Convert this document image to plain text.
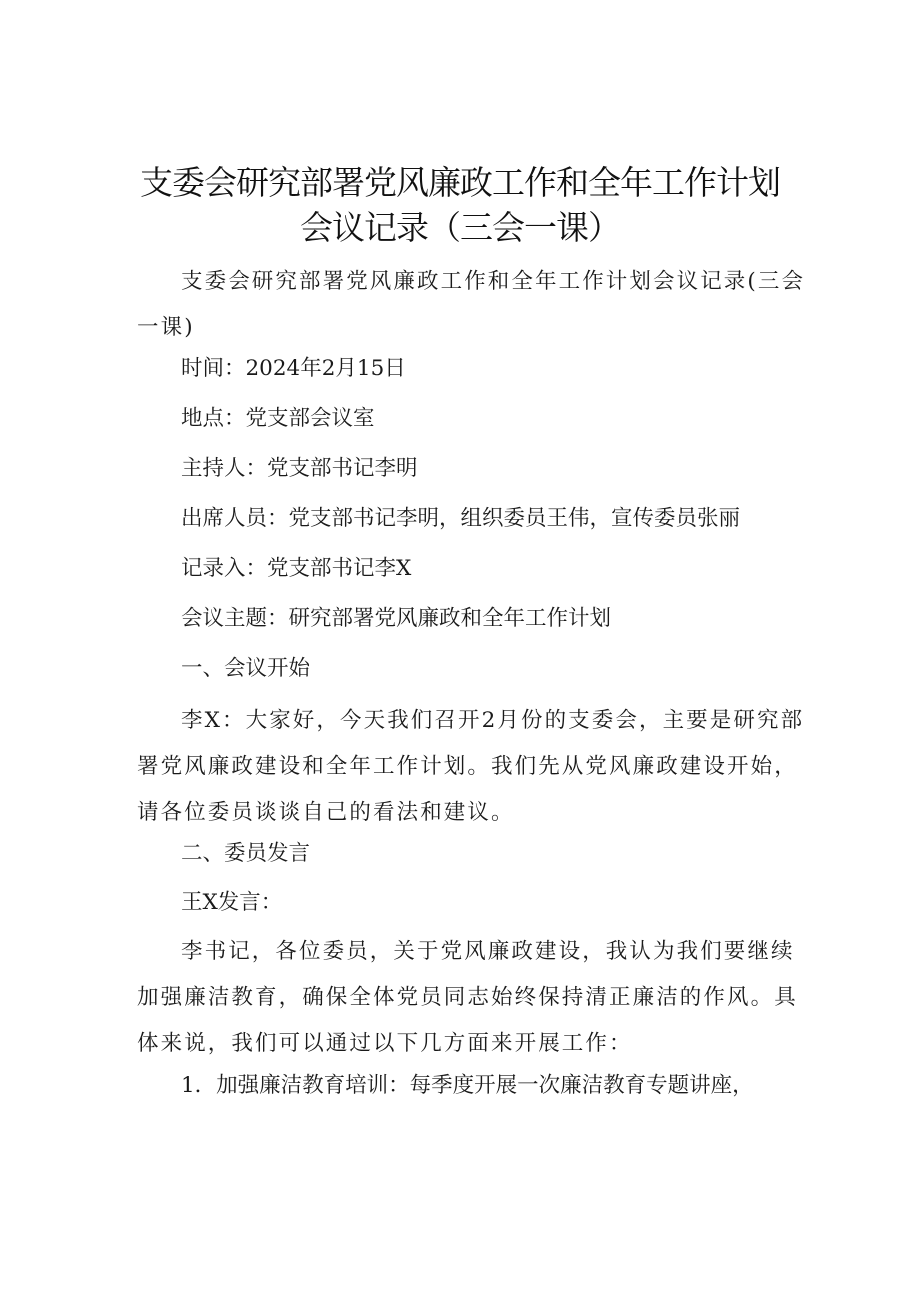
支委会研究部署党风廉政工作和全年工作计划
会议记录（三会一课）

支委会研究部署党风廉政工作和全年工作计划会议记录(三会一课)

时间：2024年2月15日

地点：党支部会议室

主持人：党支部书记李明

出席人员：党支部书记李明，组织委员王伟，宣传委员张丽

记录入：党支部书记李X

会议主题：研究部署党风廉政和全年工作计划

一、会议开始

李X：大家好，今天我们召开2月份的支委会，主要是研究部署党风廉政建设和全年工作计划。我们先从党风廉政建设开始，请各位委员谈谈自己的看法和建议。

二、委员发言

王X发言：

李书记，各位委员，关于党风廉政建设，我认为我们要继续加强廉洁教育，确保全体党员同志始终保持清正廉洁的作风。具体来说，我们可以通过以下几方面来开展工作：

1．加强廉洁教育培训：每季度开展一次廉洁教育专题讲座，
